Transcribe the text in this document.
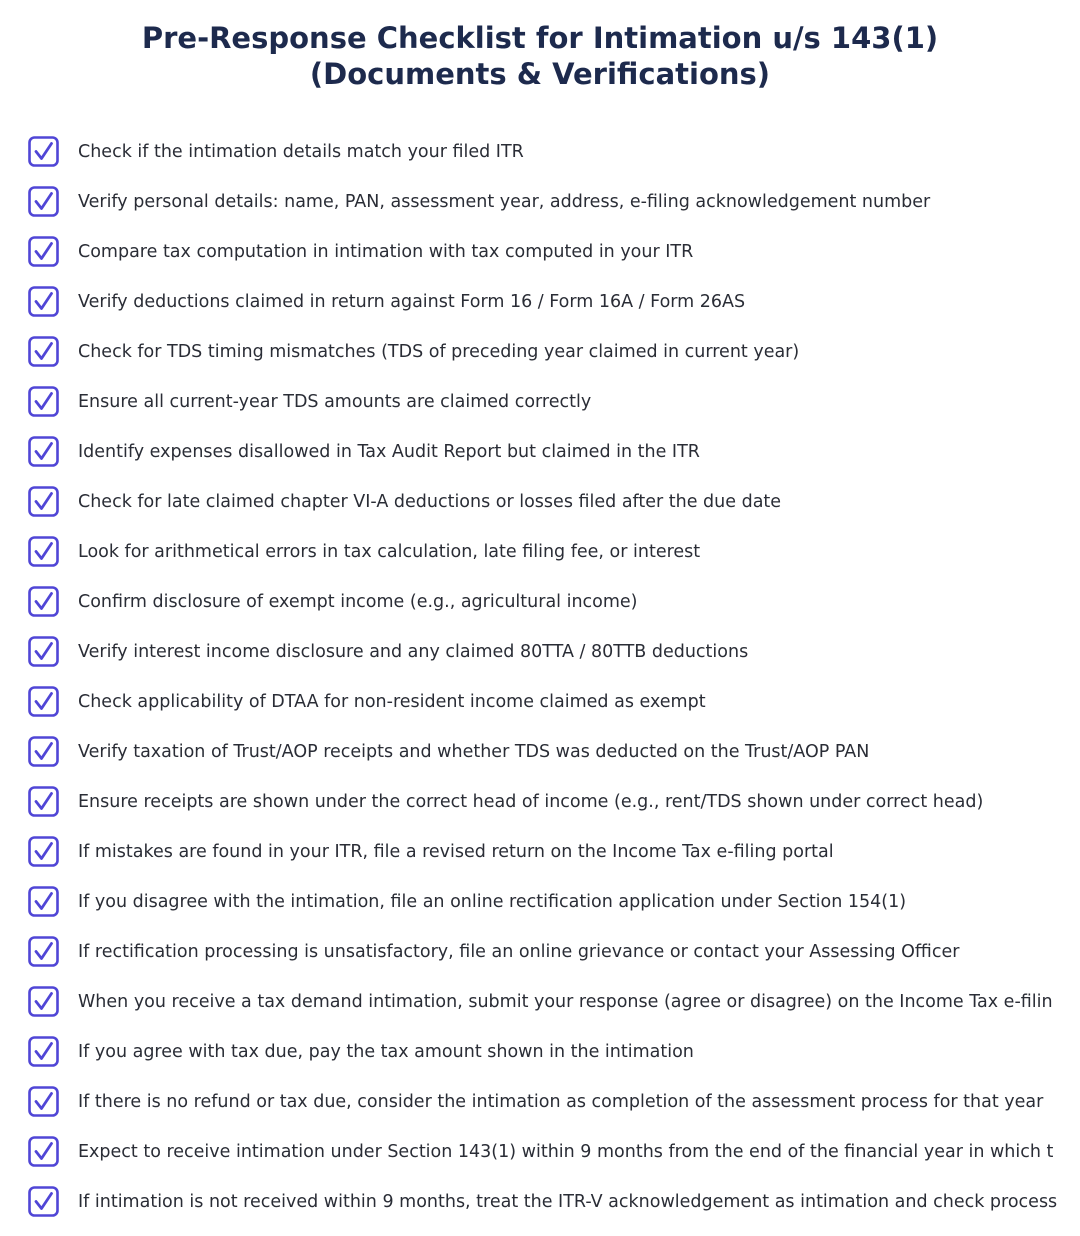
Pre-Response Checklist for Intimation u/s 143(1)
(Documents & Verifications)
Check if the intimation details match your filed ITR
Verify personal details: name, PAN, assessment year, address, e-filing acknowledgement number
Compare tax computation in intimation with tax computed in your ITR
Verify deductions claimed in return against Form 16 / Form 16A / Form 26AS
Check for TDS timing mismatches (TDS of preceding year claimed in current year)
Ensure all current-year TDS amounts are claimed correctly
Identify expenses disallowed in Tax Audit Report but claimed in the ITR
Check for late claimed chapter VI-A deductions or losses filed after the due date
Look for arithmetical errors in tax calculation, late filing fee, or interest
Confirm disclosure of exempt income (e.g., agricultural income)
Verify interest income disclosure and any claimed 80TTA / 80TTB deductions
Check applicability of DTAA for non-resident income claimed as exempt
Verify taxation of Trust/AOP receipts and whether TDS was deducted on the Trust/AOP PAN
Ensure receipts are shown under the correct head of income (e.g., rent/TDS shown under correct head)
If mistakes are found in your ITR, file a revised return on the Income Tax e-filing portal
If you disagree with the intimation, file an online rectification application under Section 154(1)
If rectification processing is unsatisfactory, file an online grievance or contact your Assessing Officer
When you receive a tax demand intimation, submit your response (agree or disagree) on the Income Tax e-filin
If you agree with tax due, pay the tax amount shown in the intimation
If there is no refund or tax due, consider the intimation as completion of the assessment process for that year
Expect to receive intimation under Section 143(1) within 9 months from the end of the financial year in which t
If intimation is not received within 9 months, treat the ITR-V acknowledgement as intimation and check process
